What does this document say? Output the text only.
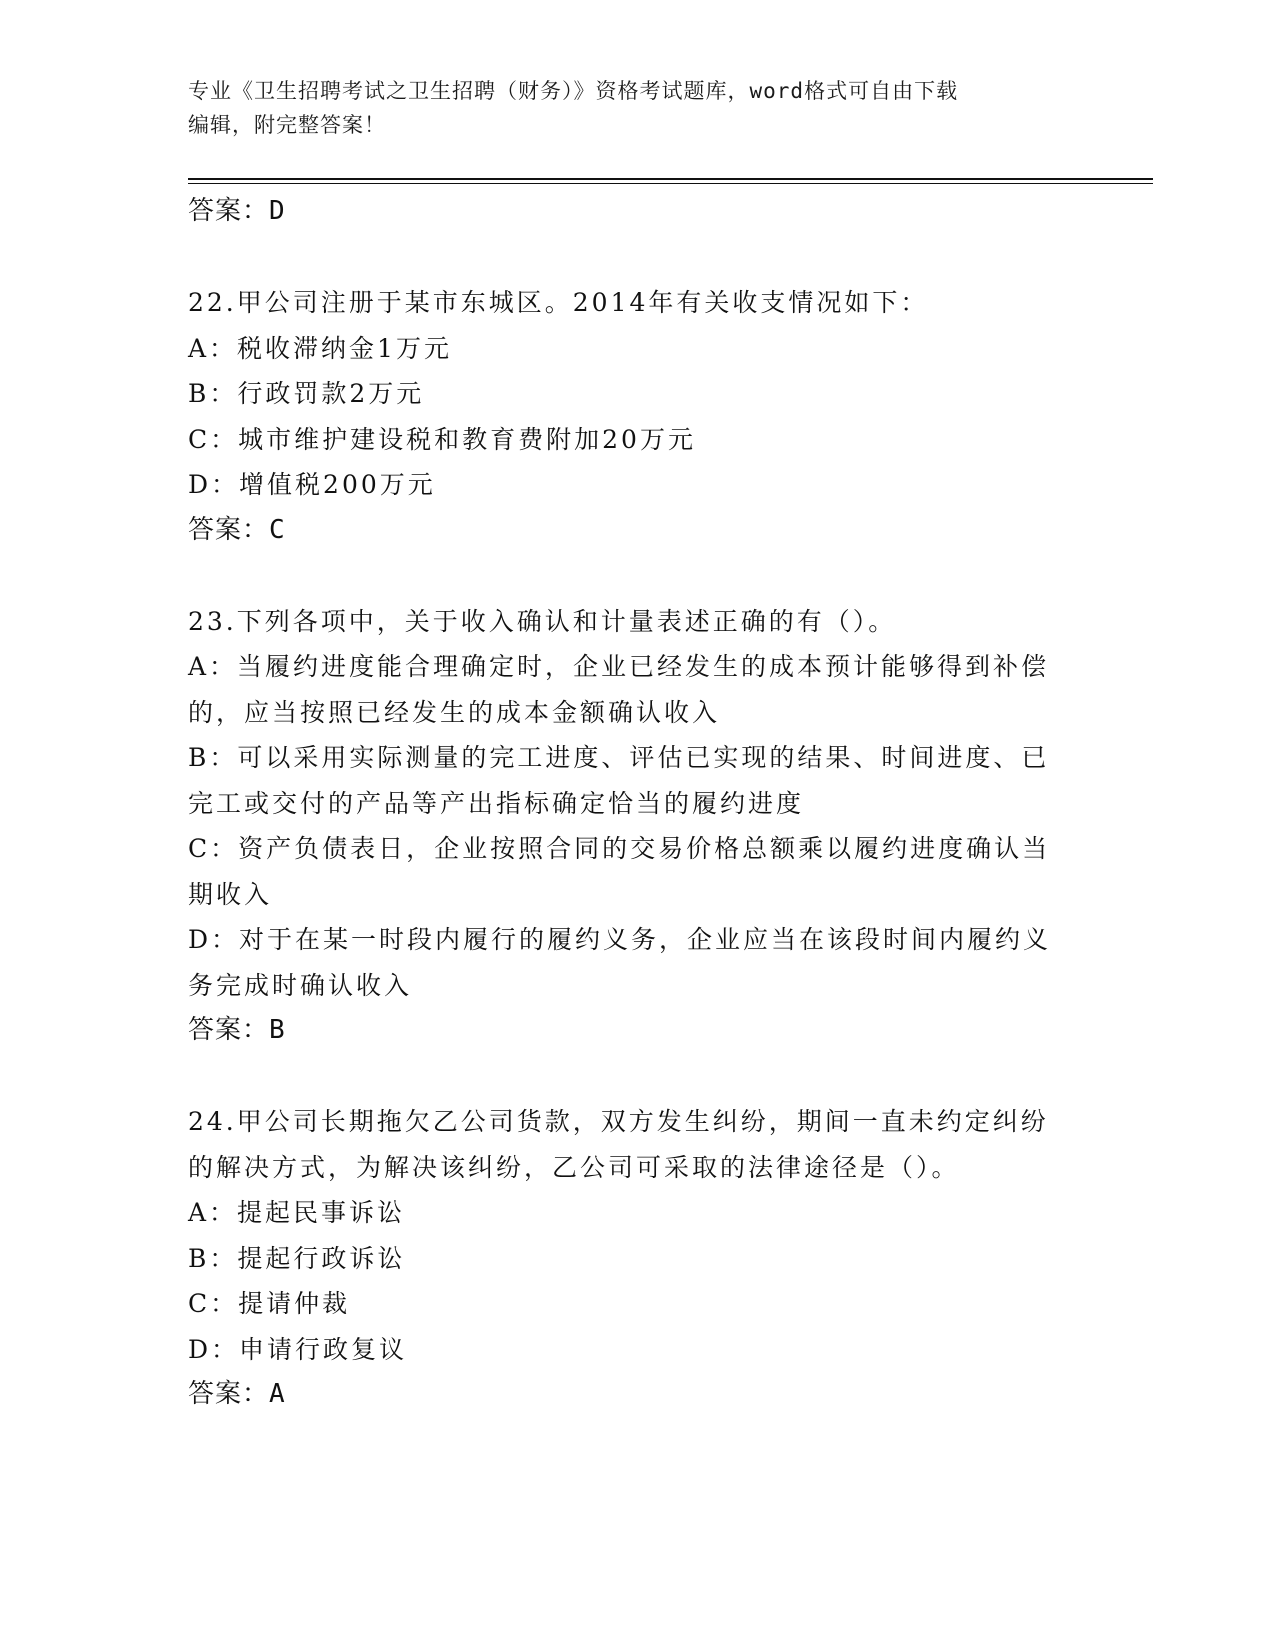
专业《卫生招聘考试之卫生招聘（财务）》资格考试题库，word格式可自由下载
编辑，附完整答案！
答案：D
22.甲公司注册于某市东城区。2014年有关收支情况如下：
A：税收滞纳金1万元
B：行政罚款2万元
C：城市维护建设税和教育费附加20万元
D：增值税200万元
答案：C
23.下列各项中，关于收入确认和计量表述正确的有（）。
A：当履约进度能合理确定时，企业已经发生的成本预计能够得到补偿
的，应当按照已经发生的成本金额确认收入
B：可以采用实际测量的完工进度、评估已实现的结果、时间进度、已
完工或交付的产品等产出指标确定恰当的履约进度
C：资产负债表日，企业按照合同的交易价格总额乘以履约进度确认当
期收入
D：对于在某一时段内履行的履约义务，企业应当在该段时间内履约义
务完成时确认收入
答案：B
24.甲公司长期拖欠乙公司货款，双方发生纠纷，期间一直未约定纠纷
的解决方式，为解决该纠纷，乙公司可采取的法律途径是（）。
A：提起民事诉讼
B：提起行政诉讼
C：提请仲裁
D：申请行政复议
答案：A
